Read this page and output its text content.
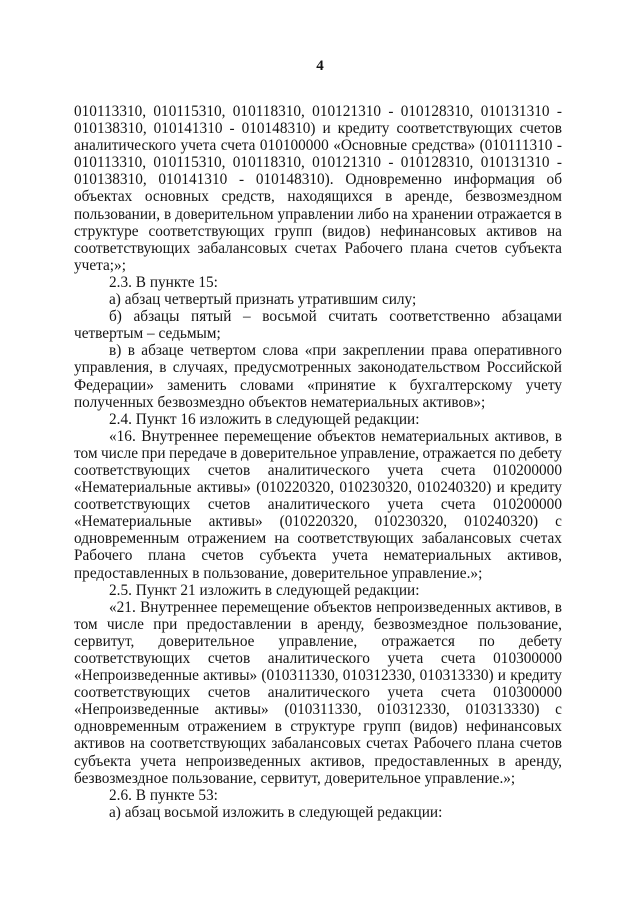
4
010113310, 010115310, 010118310, 010121310 - 010128310, 010131310 -
010138310, 010141310 - 010148310) и кредиту соответствующих счетов
аналитического учета счета 010100000 «Основные средства» (010111310 -
010113310, 010115310, 010118310, 010121310 - 010128310, 010131310 -
010138310, 010141310 - 010148310). Одновременно информация об
объектах основных средств, находящихся в аренде, безвозмездном
пользовании, в доверительном управлении либо на хранении отражается в
структуре соответствующих групп (видов) нефинансовых активов на
соответствующих забалансовых счетах Рабочего плана счетов субъекта
учета;»;
2.3. В пункте 15:
а) абзац четвертый признать утратившим силу;
б) абзацы пятый – восьмой считать соответственно абзацами
четвертым – седьмым;
в) в абзаце четвертом слова «при закреплении права оперативного
управления, в случаях, предусмотренных законодательством Российской
Федерации» заменить словами «принятие к бухгалтерскому учету
полученных безвозмездно объектов нематериальных активов»;
2.4. Пункт 16 изложить в следующей редакции:
«16. Внутреннее перемещение объектов нематериальных активов, в
том числе при передаче в доверительное управление, отражается по дебету
соответствующих счетов аналитического учета счета 010200000
«Нематериальные активы» (010220320, 010230320, 010240320) и кредиту
соответствующих счетов аналитического учета счета 010200000
«Нематериальные активы» (010220320, 010230320, 010240320) с
одновременным отражением на соответствующих забалансовых счетах
Рабочего плана счетов субъекта учета нематериальных активов,
предоставленных в пользование, доверительное управление.»;
2.5. Пункт 21 изложить в следующей редакции:
«21. Внутреннее перемещение объектов непроизведенных активов, в
том числе при предоставлении в аренду, безвозмездное пользование,
сервитут, доверительное управление, отражается по дебету
соответствующих счетов аналитического учета счета 010300000
«Непроизведенные активы» (010311330, 010312330, 010313330) и кредиту
соответствующих счетов аналитического учета счета 010300000
«Непроизведенные активы» (010311330, 010312330, 010313330) с
одновременным отражением в структуре групп (видов) нефинансовых
активов на соответствующих забалансовых счетах Рабочего плана счетов
субъекта учета непроизведенных активов, предоставленных в аренду,
безвозмездное пользование, сервитут, доверительное управление.»;
2.6. В пункте 53:
а) абзац восьмой изложить в следующей редакции:
